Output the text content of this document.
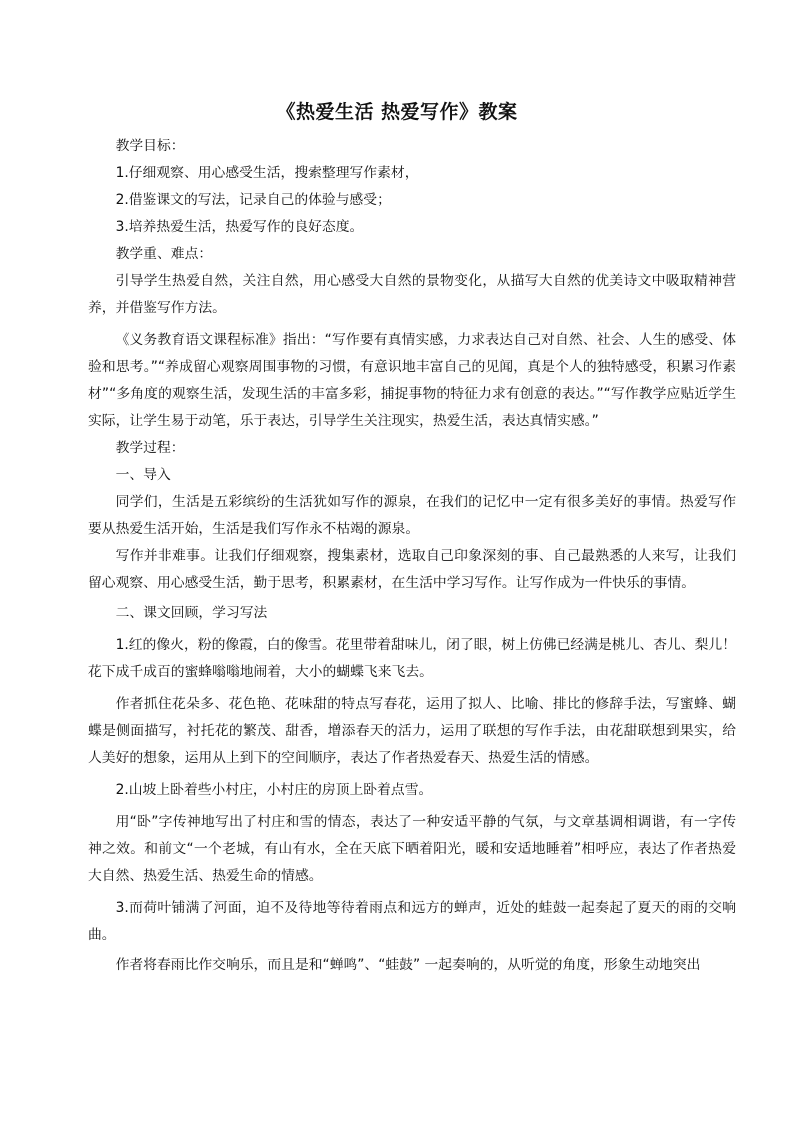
《热爱生活 热爱写作》教案

教学目标：

1.仔细观察、用心感受生活，搜索整理写作素材，

2.借鉴课文的写法，记录自己的体验与感受；

3.培养热爱生活，热爱写作的良好态度。

教学重、难点：

引导学生热爱自然，关注自然，用心感受大自然的景物变化，从描写大自然的优美诗文中吸取精神营养，并借鉴写作方法。

《义务教育语文课程标准》指出：“写作要有真情实感，力求表达自己对自然、社会、人生的感受、体验和思考。”“养成留心观察周围事物的习惯，有意识地丰富自己的见闻，真是个人的独特感受，积累习作素材”“多角度的观察生活，发现生活的丰富多彩，捕捉事物的特征力求有创意的表达。”“写作教学应贴近学生实际，让学生易于动笔，乐于表达，引导学生关注现实，热爱生活，表达真情实感。”

教学过程：

一、导入

同学们，生活是五彩缤纷的生活犹如写作的源泉，在我们的记忆中一定有很多美好的事情。热爱写作要从热爱生活开始，生活是我们写作永不枯竭的源泉。

写作并非难事。让我们仔细观察，搜集素材，选取自己印象深刻的事、自己最熟悉的人来写，让我们留心观察、用心感受生活，勤于思考，积累素材，在生活中学习写作。让写作成为一件快乐的事情。

二、课文回顾，学习写法

1.红的像火，粉的像霞，白的像雪。花里带着甜味儿，闭了眼，树上仿佛已经满是桃儿、杏儿、梨儿！花下成千成百的蜜蜂嗡嗡地闹着，大小的蝴蝶飞来飞去。

作者抓住花朵多、花色艳、花味甜的特点写春花，运用了拟人、比喻、排比的修辞手法，写蜜蜂、蝴蝶是侧面描写，衬托花的繁茂、甜香，增添春天的活力，运用了联想的写作手法，由花甜联想到果实，给人美好的想象，运用从上到下的空间顺序，表达了作者热爱春天、热爱生活的情感。

2.山坡上卧着些小村庄，小村庄的房顶上卧着点雪。

用“卧”字传神地写出了村庄和雪的情态，表达了一种安适平静的气氛，与文章基调相调谐，有一字传神之效。和前文“一个老城，有山有水，全在天底下晒着阳光，暖和安适地睡着”相呼应，表达了作者热爱大自然、热爱生活、热爱生命的情感。

3.而荷叶铺满了河面，迫不及待地等待着雨点和远方的蝉声，近处的蛙鼓一起奏起了夏天的雨的交响曲。

作者将春雨比作交响乐，而且是和“蝉鸣”、“蛙鼓” 一起奏响的，从听觉的角度，形象生动地突出
